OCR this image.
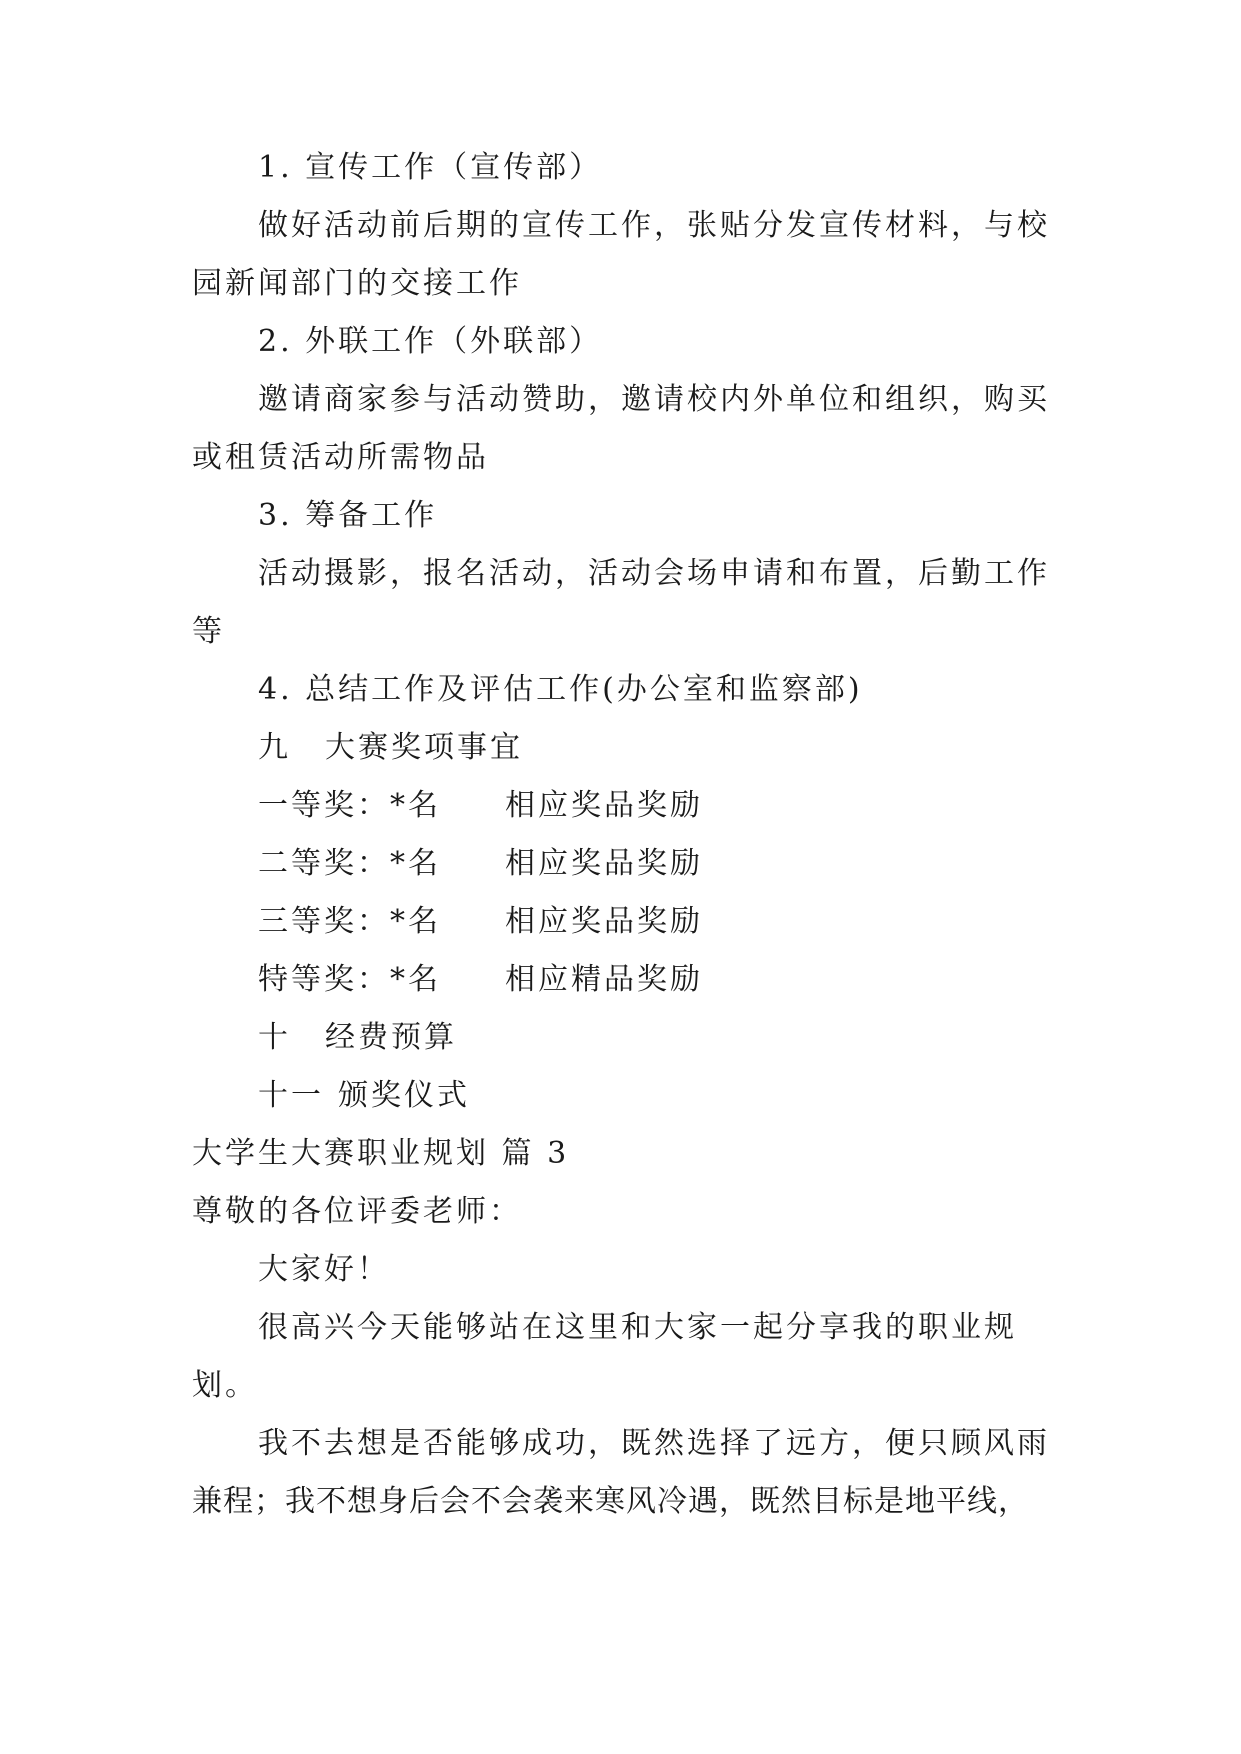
1. 宣传工作（宣传部）
做好活动前后期的宣传工作，张贴分发宣传材料，与校
园新闻部门的交接工作
2. 外联工作（外联部）
邀请商家参与活动赞助，邀请校内外单位和组织，购买
或租赁活动所需物品
3. 筹备工作
活动摄影，报名活动，活动会场申请和布置，后勤工作
等
4. 总结工作及评估工作(办公室和监察部)
九 大赛奖项事宜
一等奖：*名 相应奖品奖励
二等奖：*名 相应奖品奖励
三等奖：*名 相应奖品奖励
特等奖：*名 相应精品奖励
十 经费预算
十一 颁奖仪式
大学生大赛职业规划 篇 3
尊敬的各位评委老师：
大家好！
很高兴今天能够站在这里和大家一起分享我的职业规
划。
我不去想是否能够成功，既然选择了远方，便只顾风雨
兼程；我不想身后会不会袭来寒风冷遇，既然目标是地平线，
